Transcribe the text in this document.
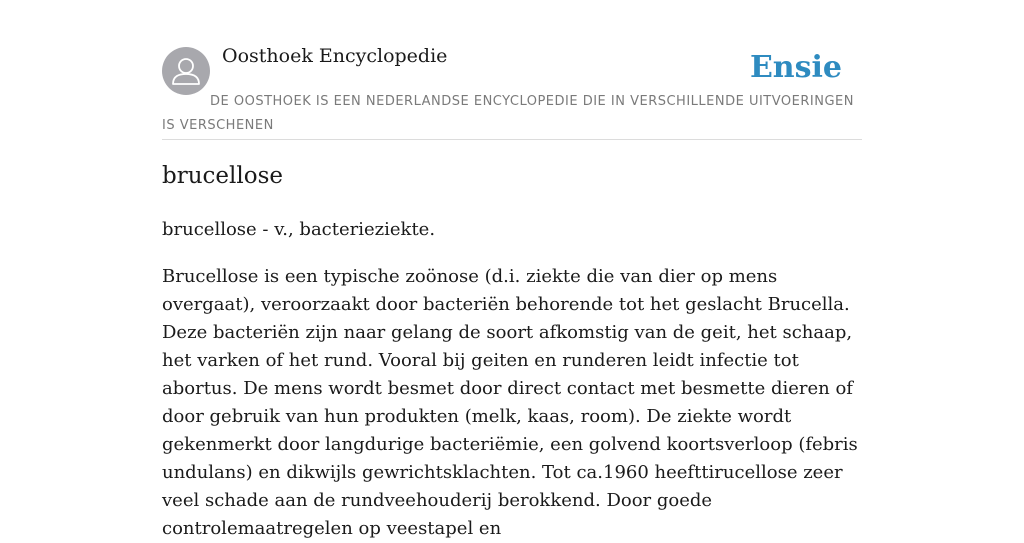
Oosthoek Encyclopedie	Ensie
DE OOSTHOEK IS EEN NEDERLANDSE ENCYCLOPEDIE DIE IN VERSCHILLENDE UITVOERINGEN IS VERSCHENEN
brucellose

brucellose - v., bacterieziekte.

Brucellose is een typische zoönose (d.i. ziekte die van dier op mens overgaat), veroorzaakt door bacteriën behorende tot het geslacht Brucella. Deze bacteriën zijn naar gelang de soort afkomstig van de geit, het schaap, het varken of het rund. Vooral bij geiten en runderen leidt infectie tot abortus. De mens wordt besmet door direct contact met besmette dieren of door gebruik van hun produkten (melk, kaas, room). De ziekte wordt gekenmerkt door langdurige bacteriëmie, een golvend koortsverloop (febris undulans) en dikwijls gewrichtsklachten. Tot ca.1960 heefttirucellose zeer veel schade aan de rundveehouderij berokkend. Door goede controlemaatregelen op veestapel en
